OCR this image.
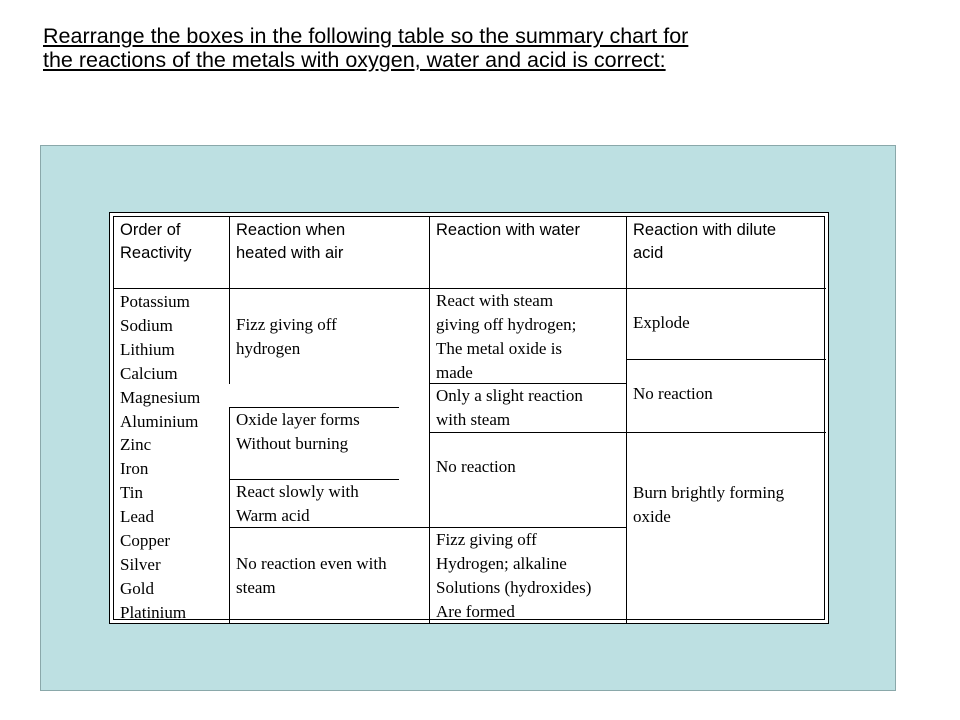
Rearrange the boxes in the following table so the summary chart for
the reactions of the metals with oxygen, water and acid is correct:
Order of
Reactivity
Reaction when
heated with air
Reaction with water	Reaction with dilute
acid
Potassium
Sodium
Lithium
Calcium
Magnesium
Aluminium
Zinc
Iron
Tin
Lead
Copper
Silver
Gold
Platinium
Fizz giving off
hydrogen
Oxide layer forms
Without burning
React slowly with
Warm acid
No reaction even with
steam
React with steam
giving off hydrogen;
The metal oxide is
made
Only a slight reaction
with steam
No reaction
Fizz giving off
Hydrogen; alkaline
Solutions (hydroxides)
Are formed
Explode
No reaction
Burn brightly forming
oxide
